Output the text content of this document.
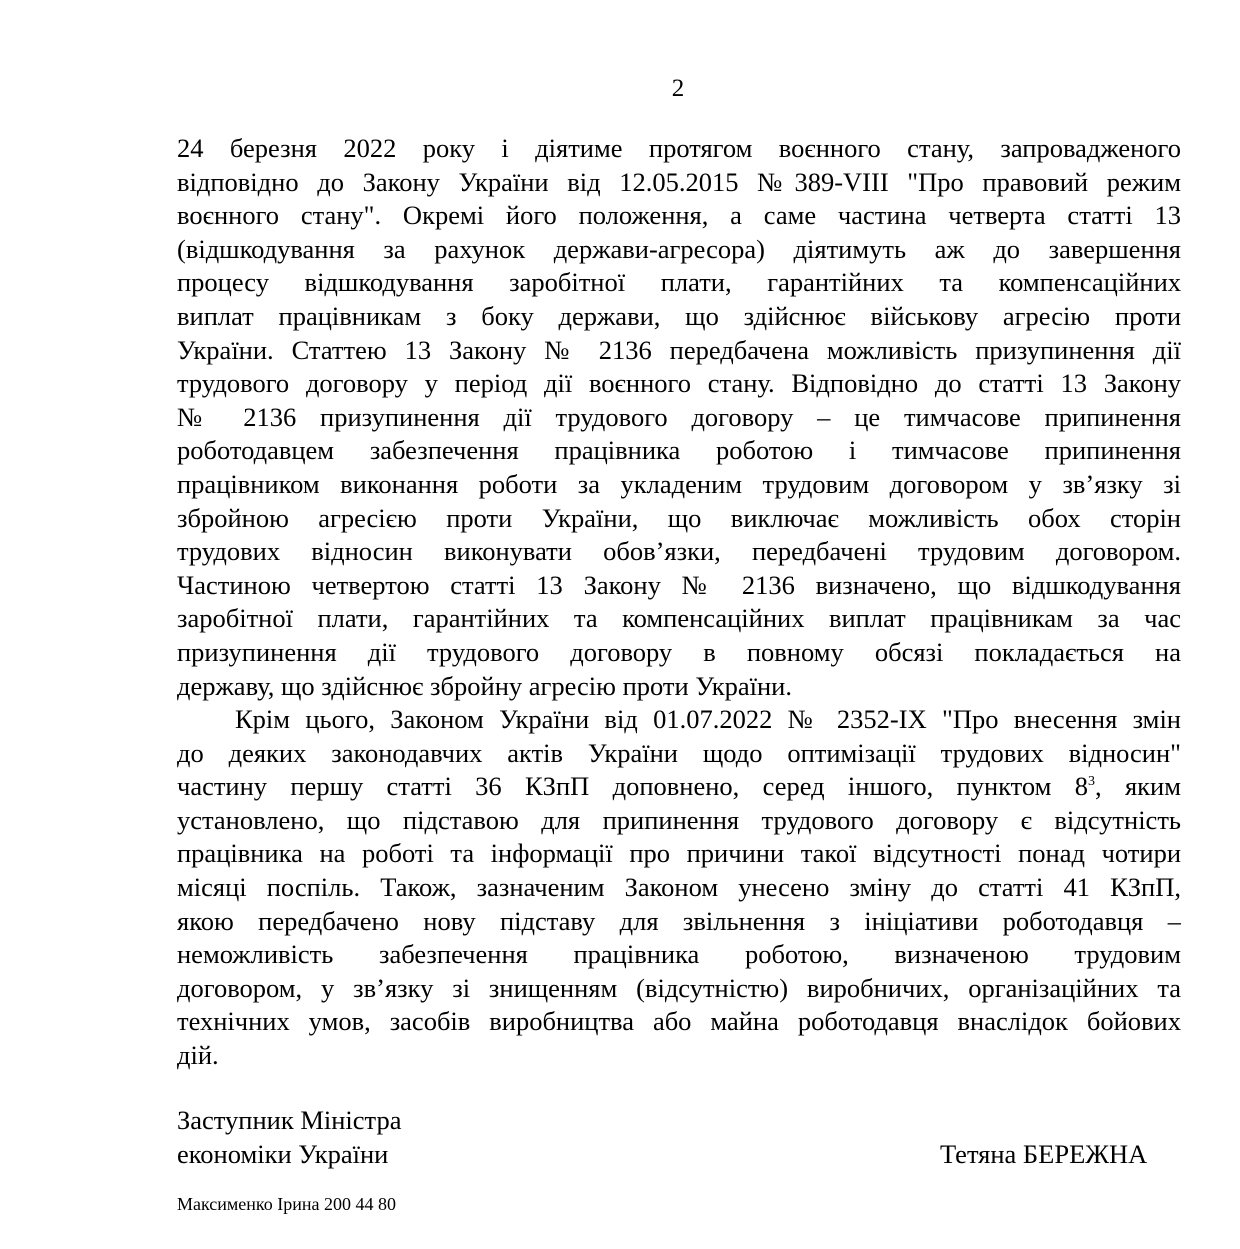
2
24 березня 2022 року і діятиме протягом воєнного стану, запровадженого
відповідно до Закону України від 12.05.2015 №389-VIII "Про правовий режим
воєнного стану". Окремі його положення, а саме частина четверта статті 13
(відшкодування за рахунок держави-агресора) діятимуть аж до завершення
процесу відшкодування заробітної плати, гарантійних та компенсаційних
виплат працівникам з боку держави, що здійснює військову агресію проти
України. Статтею 13 Закону № 2136 передбачена можливість призупинення дії
трудового договору у період дії воєнного стану. Відповідно до статті 13 Закону
№ 2136 призупинення дії трудового договору – це тимчасове припинення
роботодавцем забезпечення працівника роботою і тимчасове припинення
працівником виконання роботи за укладеним трудовим договором у зв’язку зі
збройною агресією проти України, що виключає можливість обох сторін
трудових відносин виконувати обов’язки, передбачені трудовим договором.
Частиною четвертою статті 13 Закону № 2136 визначено, що відшкодування
заробітної плати, гарантійних та компенсаційних виплат працівникам за час
призупинення дії трудового договору в повному обсязі покладається на
державу, що здійснює збройну агресію проти України.
Крім цього, Законом України від 01.07.2022 № 2352-IX "Про внесення змін
до деяких законодавчих актів України щодо оптимізації трудових відносин"
частину першу статті 36 КЗпП доповнено, серед іншого, пунктом $8^3$, яким
установлено, що підставою для припинення трудового договору є відсутність
працівника на роботі та інформації про причини такої відсутності понад чотири
місяці поспіль. Також, зазначеним Законом унесено зміну до статті 41 КЗпП,
якою передбачено нову підставу для звільнення з ініціативи роботодавця –
неможливість забезпечення працівника роботою, визначеною трудовим
договором, у зв’язку зі знищенням (відсутністю) виробничих, організаційних та
технічних умов, засобів виробництва або майна роботодавця внаслідок бойових
дій.
Заступник Міністра
економіки України	Тетяна БЕРЕЖНА
Максименко Ірина 200 44 80
